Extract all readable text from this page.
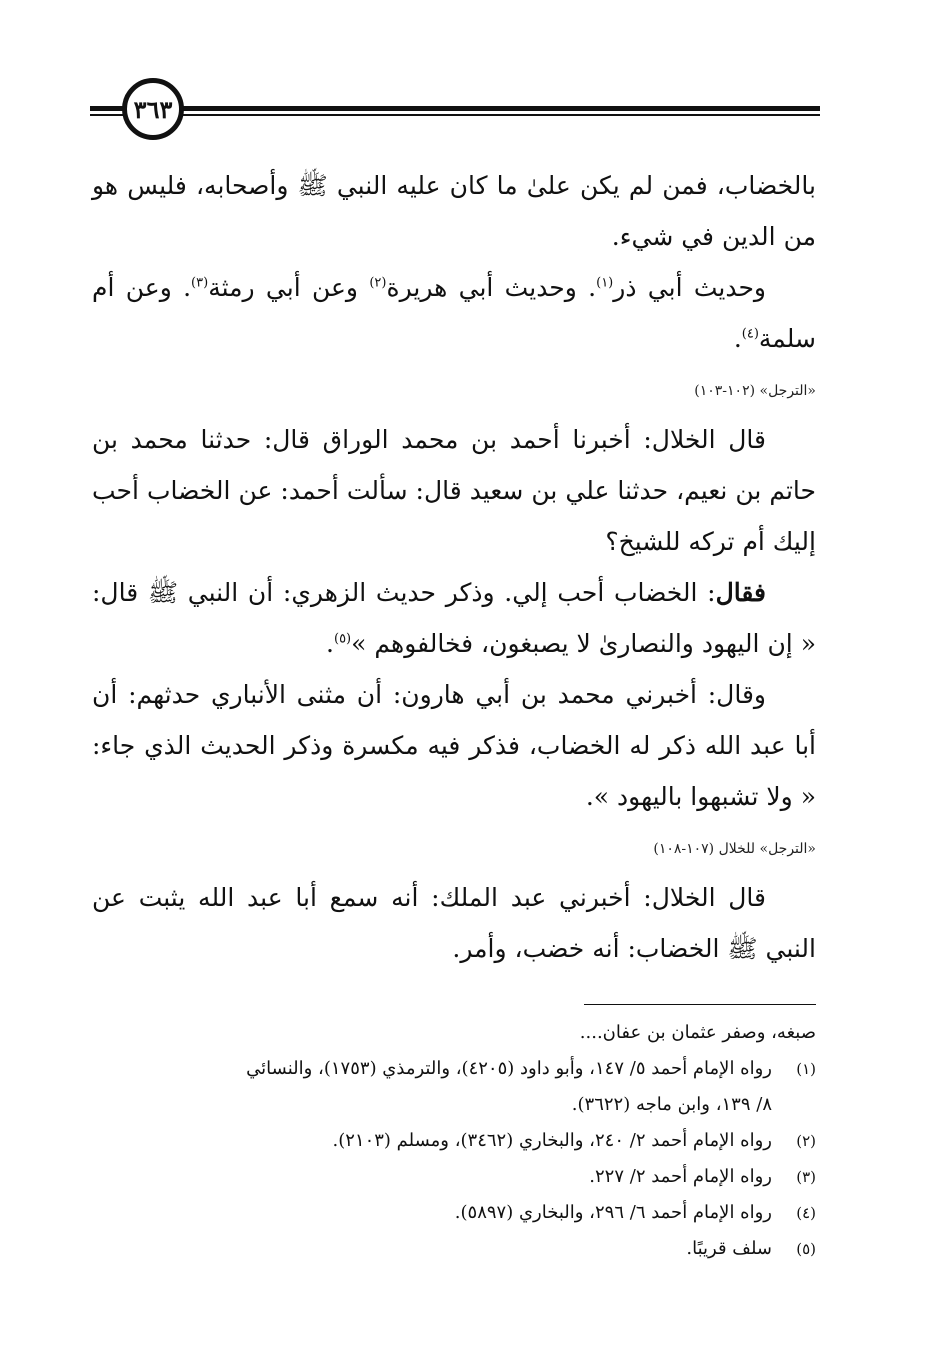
٣٦٣

بالخضاب، فمن لم يكن علىٰ ما كان عليه النبي ﷺ وأصحابه، فليس هو من الدين في شيء.

وحديث أبي ذر$^{(١)}$. وحديث أبي هريرة$^{(٢)}$ وعن أبي رمثة$^{(٣)}$. وعن أم سلمة$^{(٤)}$.

«الترجل» (١٠٢-١٠٣)

قال الخلال: أخبرنا أحمد بن محمد الوراق قال: حدثنا محمد بن حاتم بن نعيم، حدثنا علي بن سعيد قال: سألت أحمد: عن الخضاب أحب إليك أم تركه للشيخ؟

فقال: الخضاب أحب إلي. وذكر حديث الزهري: أن النبي ﷺ قال: « إن اليهود والنصارىٰ لا يصبغون، فخالفوهم »$^{(٥)}$.

وقال: أخبرني محمد بن أبي هارون: أن مثنى الأنباري حدثهم: أن أبا عبد الله ذكر له الخضاب، فذكر فيه مكسرة وذكر الحديث الذي جاء: « ولا تشبهوا باليهود ».

«الترجل» للخلال (١٠٧-١٠٨)

قال الخلال: أخبرني عبد الملك: أنه سمع أبا عبد الله يثبت عن النبي ﷺ الخضاب: أنه خضب، وأمر.

صبغه، وصفر عثمان بن عفان....

(١)رواه الإمام أحمد ٥/ ١٤٧، وأبو داود (٤٢٠٥)، والترمذي (١٧٥٣)، والنسائي

٨/ ١٣٩، وابن ماجه (٣٦٢٢).

(٢)رواه الإمام أحمد ٢/ ٢٤٠، والبخاري (٣٤٦٢)، ومسلم (٢١٠٣).

(٣)رواه الإمام أحمد ٢/ ٢٢٧.

(٤)رواه الإمام أحمد ٦/ ٢٩٦، والبخاري (٥٨٩٧).

(٥)سلف قريبًا.
